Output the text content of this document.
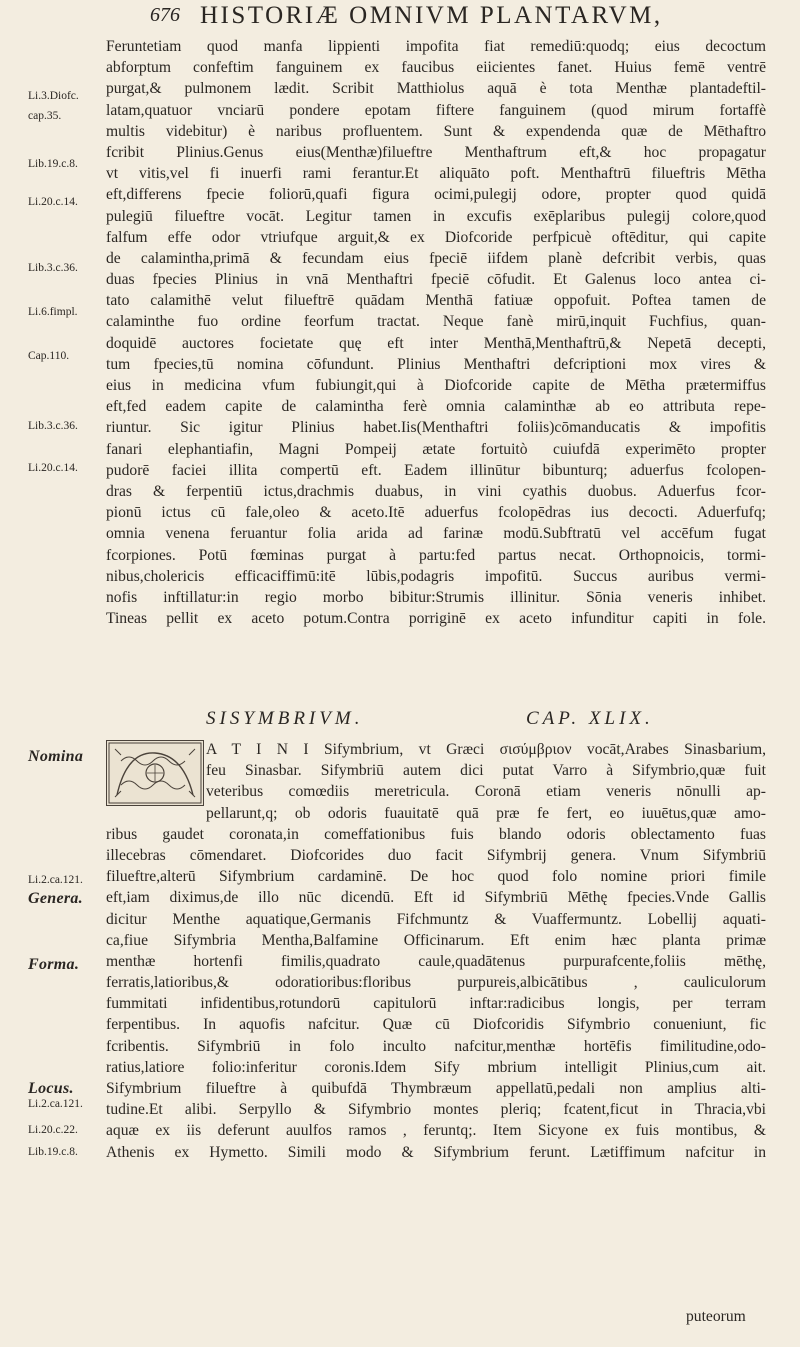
676 HISTORIÆ OMNIVM PLANTARVM,
Li.3.Diofc.
cap.35.
Lib.19.c.8.
Li.20.c.14.
Lib.3.c.36.
Li.6.fimpl.
Cap.110.
Lib.3.c.36.
Li.20.c.14.
Nomina
Li.2.ca.121.
Genera.
Forma.
Locus.
Li.2.ca.121.
Li.20.c.22.
Lib.19.c.8.
Feruntetiam quod manfa lippienti impofita fiat remediū:quodq; eius decoctum
abforptum confeftim fanguinem ex faucibus eiicientes fanet. Huius femē ventrē
purgat,& pulmonem lædit. Scribit Matthiolus aquā è tota Menthæ plantadeftil-
latam,quatuor vnciarū pondere epotam fiftere fanguinem (quod mirum fortaffè
multis videbitur) è naribus profluentem. Sunt & expendenda quæ de Mēthaftro
fcribit Plinius.Genus eius(Menthæ)filueftre Menthaftrum eft,& hoc propagatur
vt vitis,vel fi inuerfi rami ferantur.Et aliquāto poft. Menthaftrū filueftris Mētha
eft,differens fpecie foliorū,quafi figura ocimi,pulegij odore, propter quod quidā
pulegiū filueftre vocāt. Legitur tamen in excufis exēplaribus pulegij colore,quod
falfum effe odor vtriufque arguit,& ex Diofcoride perfpicuè oftēditur, qui capite
de calamintha,primā & fecundam eius fpeciē iifdem planè defcribit verbis, quas
duas fpecies Plinius in vnā Menthaftri fpeciē cōfudit. Et Galenus loco antea ci-
tato calamithē velut filueftrē quādam Menthā fatiuæ oppofuit. Poftea tamen de
calaminthe fuo ordine feorfum tractat. Neque fanè mirū,inquit Fuchfius, quan-
doquidē auctores focietate quę eft inter Menthā,Menthaftrū,& Nepetā decepti,
tum fpecies,tū nomina cōfundunt. Plinius Menthaftri defcriptioni mox vires &
eius in medicina vfum fubiungit,qui à Diofcoride capite de Mētha prætermiffus
eft,fed eadem capite de calamintha ferè omnia calaminthæ ab eo attributa repe-
riuntur. Sic igitur Plinius habet.Iis(Menthaftri foliis)cōmanducatis & impofitis
fanari elephantiafin, Magni Pompeij ætate fortuitò cuiufdā experimēto propter
pudorē faciei illita compertū eft. Eadem illinūtur bibunturq; aduerfus fcolopen-
dras & ferpentiū ictus,drachmis duabus, in vini cyathis duobus. Aduerfus fcor-
pionū ictus cū fale,oleo & aceto.Itē aduerfus fcolopēdras ius decocti. Aduerfufq;
omnia venena feruantur folia arida ad farinæ modū.Subftratū vel accēfum fugat
fcorpiones. Potū fœminas purgat à partu:fed partus necat. Orthopnoicis, tormi-
nibus,cholericis efficaciffimū:itē lūbis,podagris impofitū. Succus auribus vermi-
nofis inftillatur:in regio morbo bibitur:Strumis illinitur. Sōnia veneris inhibet.
Tineas pellit ex aceto potum.Contra porriginē ex aceto infunditur capiti in fole.
SISYMBRIVM.	CAP. XLIX.
A T I N I Sifymbrium, vt Græci σισύμβριον vocāt,Arabes Sinasbarium,
feu Sinasbar. Sifymbriū autem dici putat Varro à Sifymbrio,quæ fuit
veteribus comœdiis meretricula. Coronā etiam veneris nōnulli ap-
pellarunt,q; ob odoris fuauitatē quā præ fe fert, eo iuuētus,quæ amo-
ribus gaudet coronata,in comeffationibus fuis blando odoris oblectamento fuas
illecebras cōmendaret. Diofcorides duo facit Sifymbrij genera. Vnum Sifymbriū
filueftre,alterū Sifymbrium cardaminē. De hoc quod folo nomine priori fimile
eft,iam diximus,de illo nūc dicendū. Eft id Sifymbriū Mēthę fpecies.Vnde Gallis
dicitur Menthe aquatique,Germanis Fifchmuntz & Vuaffermuntz. Lobellij aquati-
ca,fiue Sifymbria Mentha,Balfamine Officinarum. Eft enim hæc planta primæ
menthæ hortenfi fimilis,quadrato caule,quadātenus purpurafcente,foliis mēthę,
ferratis,latioribus,& odoratioribus:floribus purpureis,albicātibus , cauliculorum
fummitati infidentibus,rotundorū capitulorū inftar:radicibus longis, per terram
ferpentibus. In aquofis nafcitur. Quæ cū Diofcoridis Sifymbrio conueniunt, fic
fcribentis. Sifymbriū in folo inculto nafcitur,menthæ hortēfis fimilitudine,odo-
ratius,latiore folio:inferitur coronis.Idem Sify mbrium intelligit Plinius,cum ait.
Sifymbrium filueftre à quibufdā Thymbræum appellatū,pedali non amplius alti-
tudine.Et alibi. Serpyllo & Sifymbrio montes pleriq; fcatent,ficut in Thracia,vbi
aquæ ex iis deferunt auulfos ramos , feruntq;. Item Sicyone ex fuis montibus, &
Athenis ex Hymetto. Simili modo & Sifymbrium ferunt. Lætiffimum nafcitur in
puteorum
